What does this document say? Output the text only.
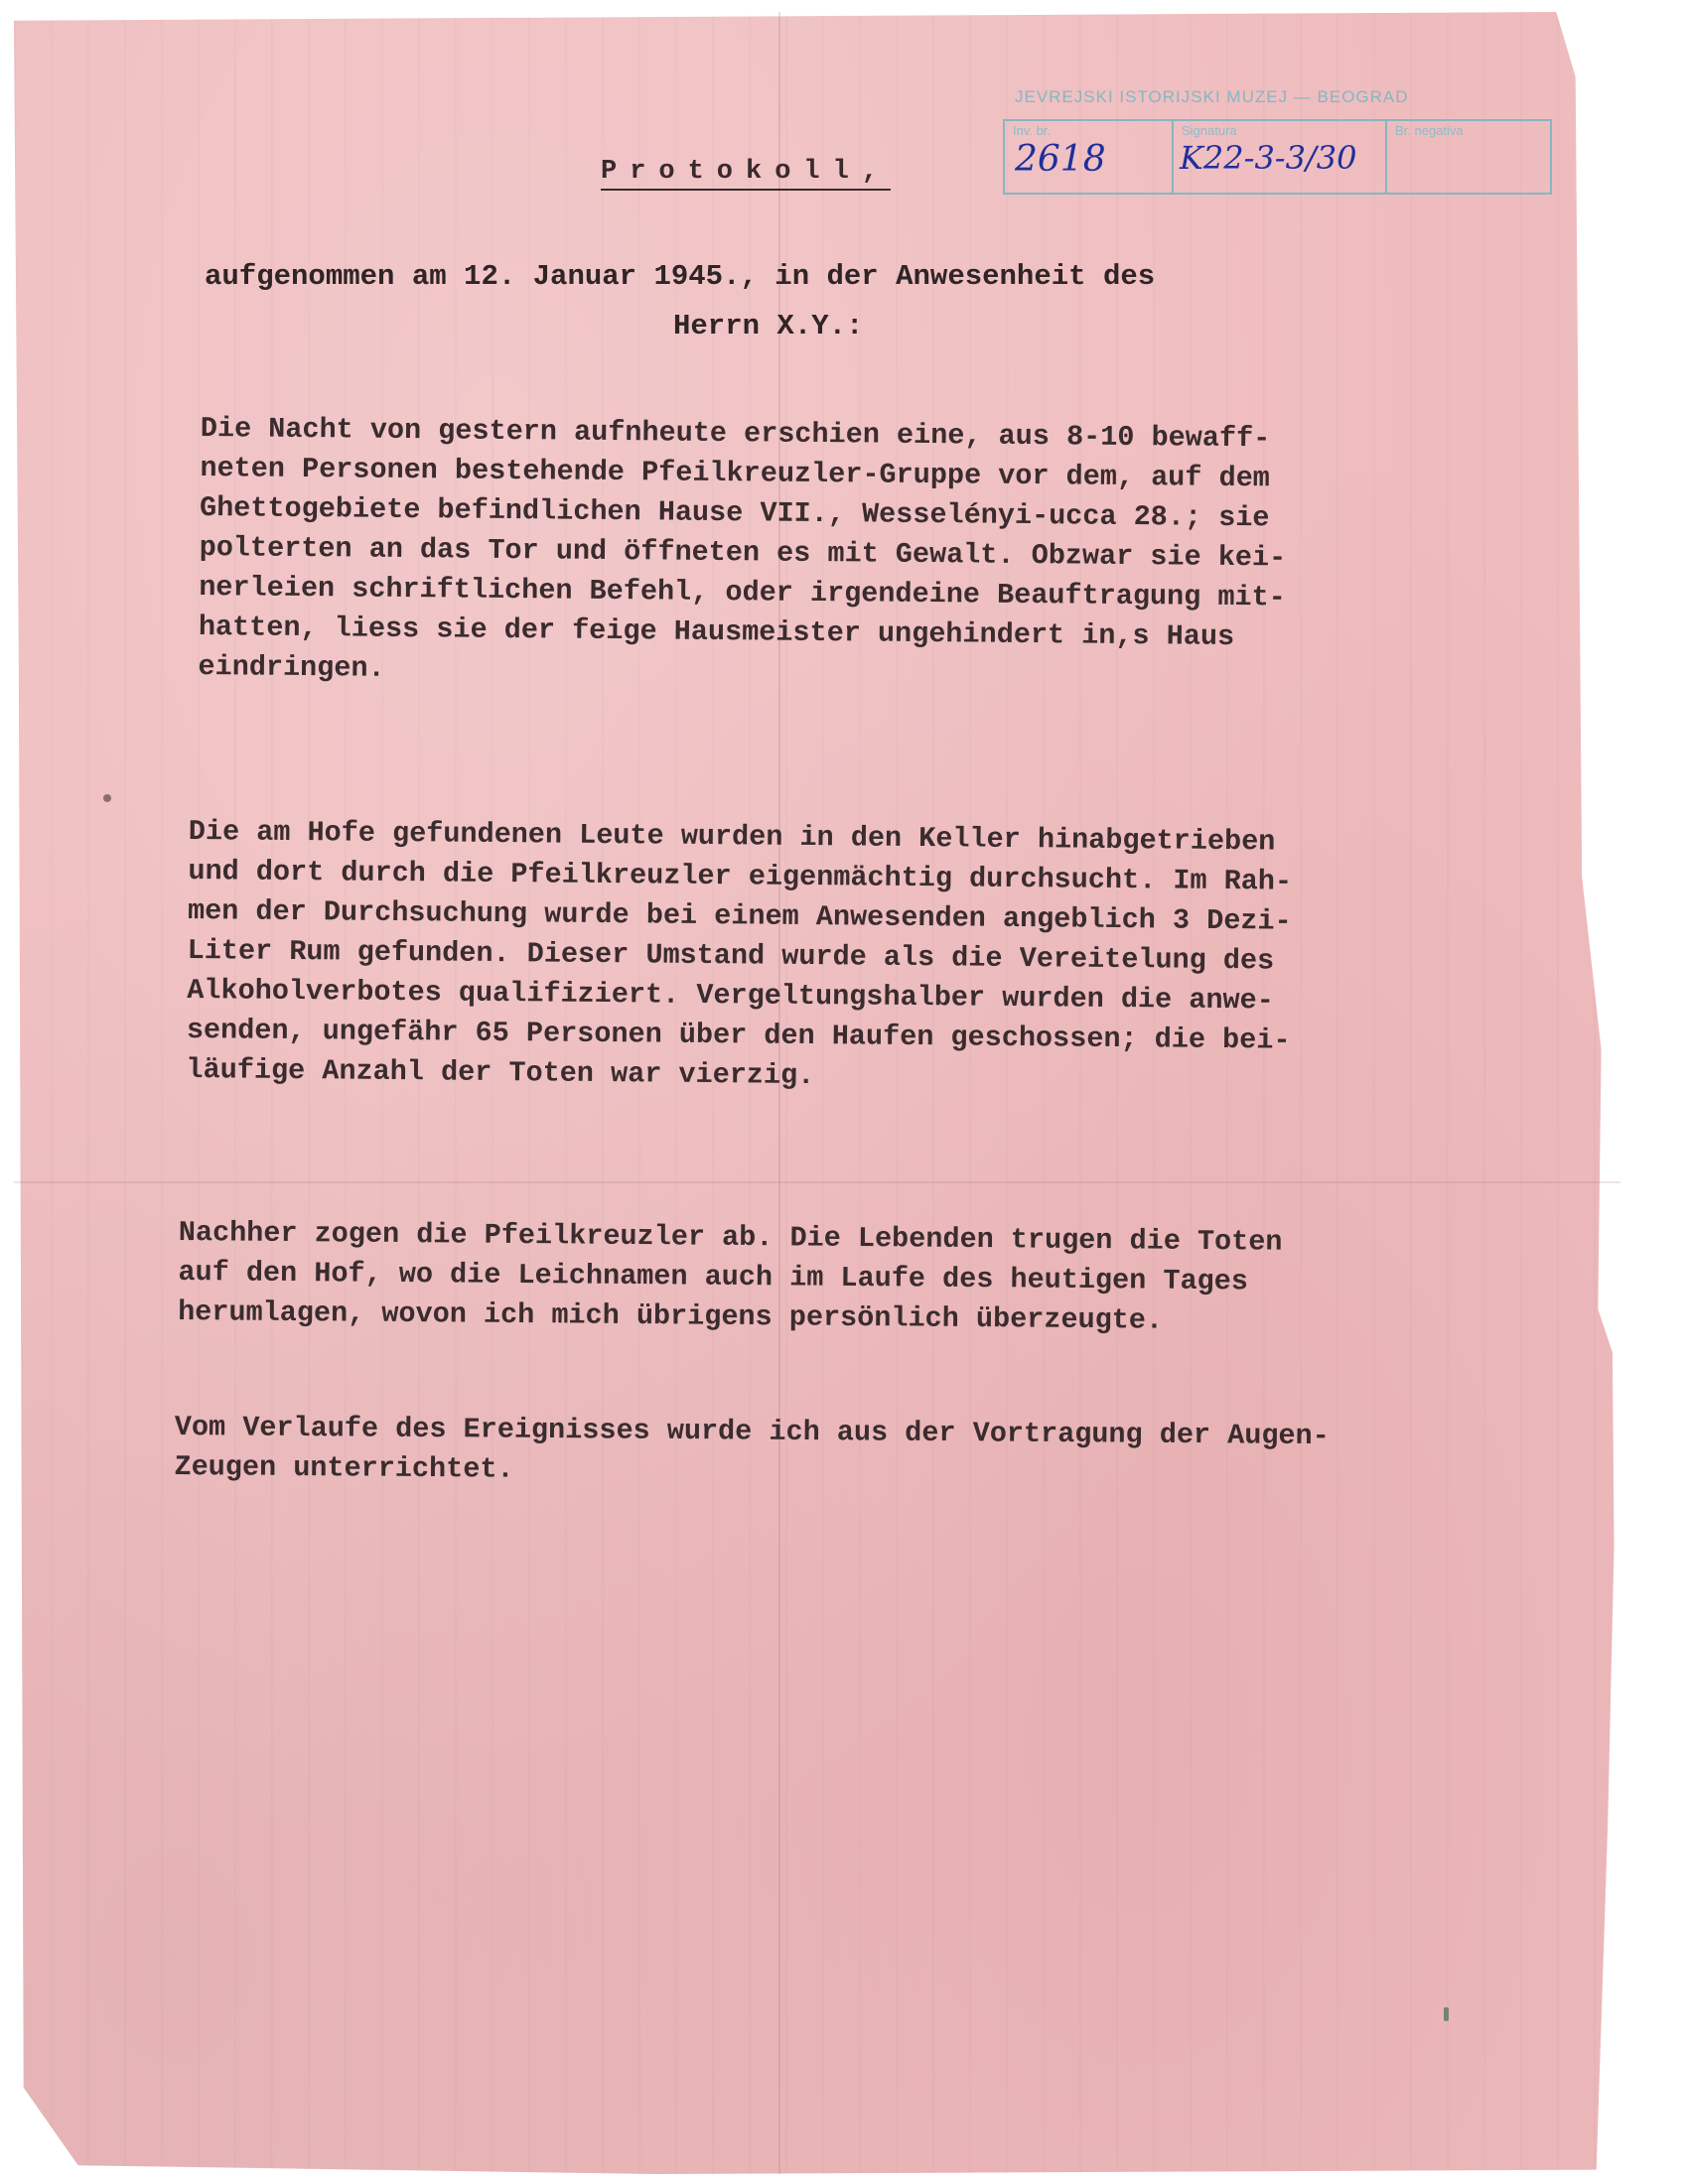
JEVREJSKI ISTORIJSKI MUZEJ — BEOGRAD
Inv. br.
2618
Signatura
K22-3-3/30
Br. negativa
Protokoll,
aufgenommen am 12. Januar 1945., in der Anwesenheit des
Herrn X.Y.:
Die Nacht von gestern aufnheute erschien eine, aus 8-10 bewaff-
neten Personen bestehende Pfeilkreuzler-Gruppe vor dem, auf dem
Ghettogebiete befindlichen Hause VII., Wesselényi-ucca 28.; sie
polterten an das Tor und öffneten es mit Gewalt. Obzwar sie kei-
nerleien schriftlichen Befehl, oder irgendeine Beauftragung mit-
hatten, liess sie der feige Hausmeister ungehindert in,s Haus
eindringen.
Die am Hofe gefundenen Leute wurden in den Keller hinabgetrieben
und dort durch die Pfeilkreuzler eigenmächtig durchsucht. Im Rah-
men der Durchsuchung wurde bei einem Anwesenden angeblich 3 Dezi-
Liter Rum gefunden. Dieser Umstand wurde als die Vereitelung des
Alkoholverbotes qualifiziert. Vergeltungshalber wurden die anwe-
senden, ungefähr 65 Personen über den Haufen geschossen; die bei-
läufige Anzahl der Toten war vierzig.
Nachher zogen die Pfeilkreuzler ab. Die Lebenden trugen die Toten
auf den Hof, wo die Leichnamen auch im Laufe des heutigen Tages
herumlagen, wovon ich mich übrigens persönlich überzeugte.
Vom Verlaufe des Ereignisses wurde ich aus der Vortragung der Augen-
Zeugen unterrichtet.
